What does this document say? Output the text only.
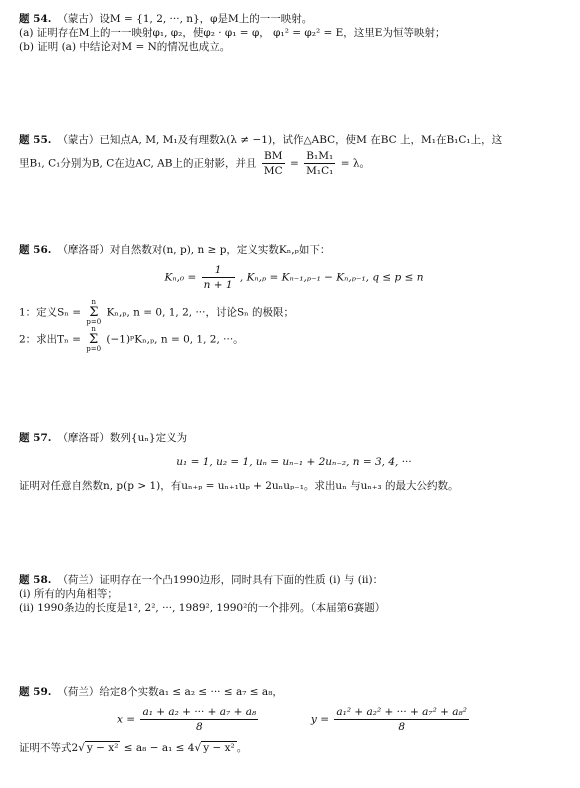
题 54. （蒙古）设M = {1, 2, ···, n}，φ是M上的一一映射。

(a) 证明存在M上的一一映射φ₁, φ₂，使φ₂ · φ₁ = φ， φ₁² = φ₂² = E，这里E为恒等映射；

(b) 证明 (a) 中结论对M = N的情况也成立。

题 55. （蒙古）已知点A, M, M₁及有理数λ(λ ≠ −1)，试作△ABC，使M 在BC 上，M₁在B₁C₁上，这

里B₁, C₁分别为B, C在边AC, AB上的正射影，并且 $\frac{BM}{MC} = \frac{\text{B₁M₁}}{\text{M₁C₁}} = \lambda$。

题 56. （摩洛哥）对自然数对(n, p), n ≥ p，定义实数Kₙ,ₚ如下：

$K_n,_0 = \frac{1}{n + 1}$ , Kₙ,ₚ = Kₙ₋₁,ₚ₋₁ − Kₙ,ₚ₋₁, q ≤ p ≤ n

1：定义Sₙ = n
Σ
p=0 Kₙ,ₚ, n = 0, 1, 2, ···，讨论Sₙ 的极限；

2：求出Tₙ = n
Σ
p=0 (−1)ᵖKₙ,ₚ, n = 0, 1, 2, ···。

题 57. （摩洛哥）数列{uₙ}定义为

u₁ = 1, u₂ = 1, uₙ = uₙ₋₁ + 2uₙ₋₂, n = 3, 4, ···

证明对任意自然数n, p(p > 1)，有uₙ₊ₚ = uₙ₊₁uₚ + 2uₙuₚ₋₁。求出uₙ 与uₙ₊₃ 的最大公约数。

题 58. （荷兰）证明存在一个凸1990边形，同时具有下面的性质 (i) 与 (ii)：

(i) 所有的内角相等；

(ii) 1990条边的长度是1², 2², ···, 1989², 1990²的一个排列。（本届第6赛题）

题 59. （荷兰）给定8个实数a₁ ≤ a₂ ≤ ··· ≤ a₇ ≤ a₈，

$x = \frac{\text{a₁ + a₂ + ··· + a₇ + a₈}}{8}$	$y = \frac{\text{a₁² + a₂² + ··· + a₇² + a₈²}}{8}$

证明不等式2√ y − x² ≤ a₈ − a₁ ≤ 4√ y − x² 。
